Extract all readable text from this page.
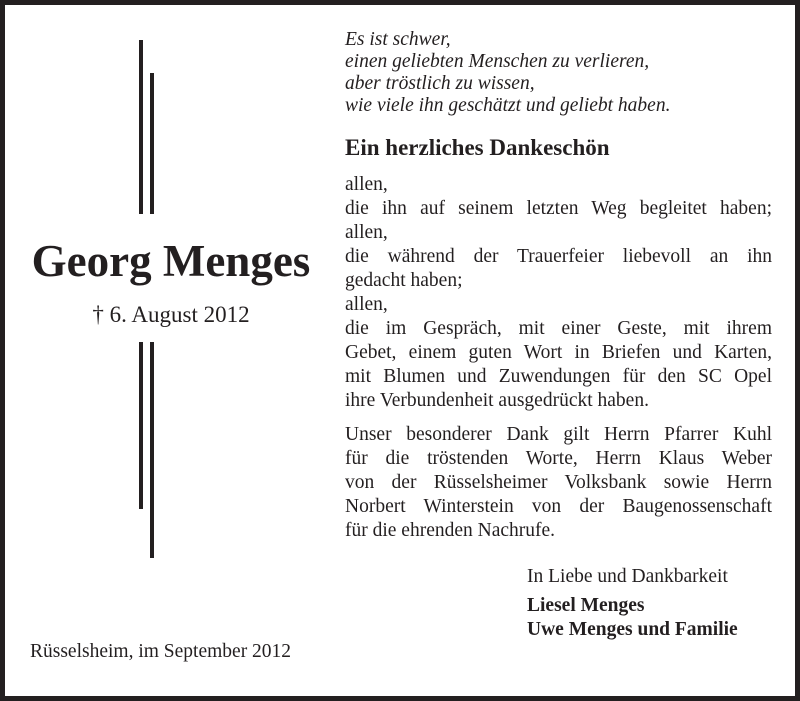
Georg Menges
† 6. August 2012
Es ist schwer,
einen geliebten Menschen zu verlieren,
aber tröstlich zu wissen,
wie viele ihn geschätzt und geliebt haben.
Ein herzliches Dankeschön
allen,
die ihn auf seinem letzten Weg begleitet haben;
allen,
die während der Trauerfeier liebevoll an ihn
gedacht haben;
allen,
die im Gespräch, mit einer Geste, mit ihrem
Gebet, einem guten Wort in Briefen und Karten,
mit Blumen und Zuwendungen für den SC Opel
ihre Verbundenheit ausgedrückt haben.
Unser besonderer Dank gilt Herrn Pfarrer Kuhl
für die tröstenden Worte, Herrn Klaus Weber
von der Rüsselsheimer Volksbank sowie Herrn
Norbert Winterstein von der Baugenossenschaft
für die ehrenden Nachrufe.
In Liebe und Dankbarkeit
Liesel Menges
Uwe Menges und Familie
Rüsselsheim, im September 2012
